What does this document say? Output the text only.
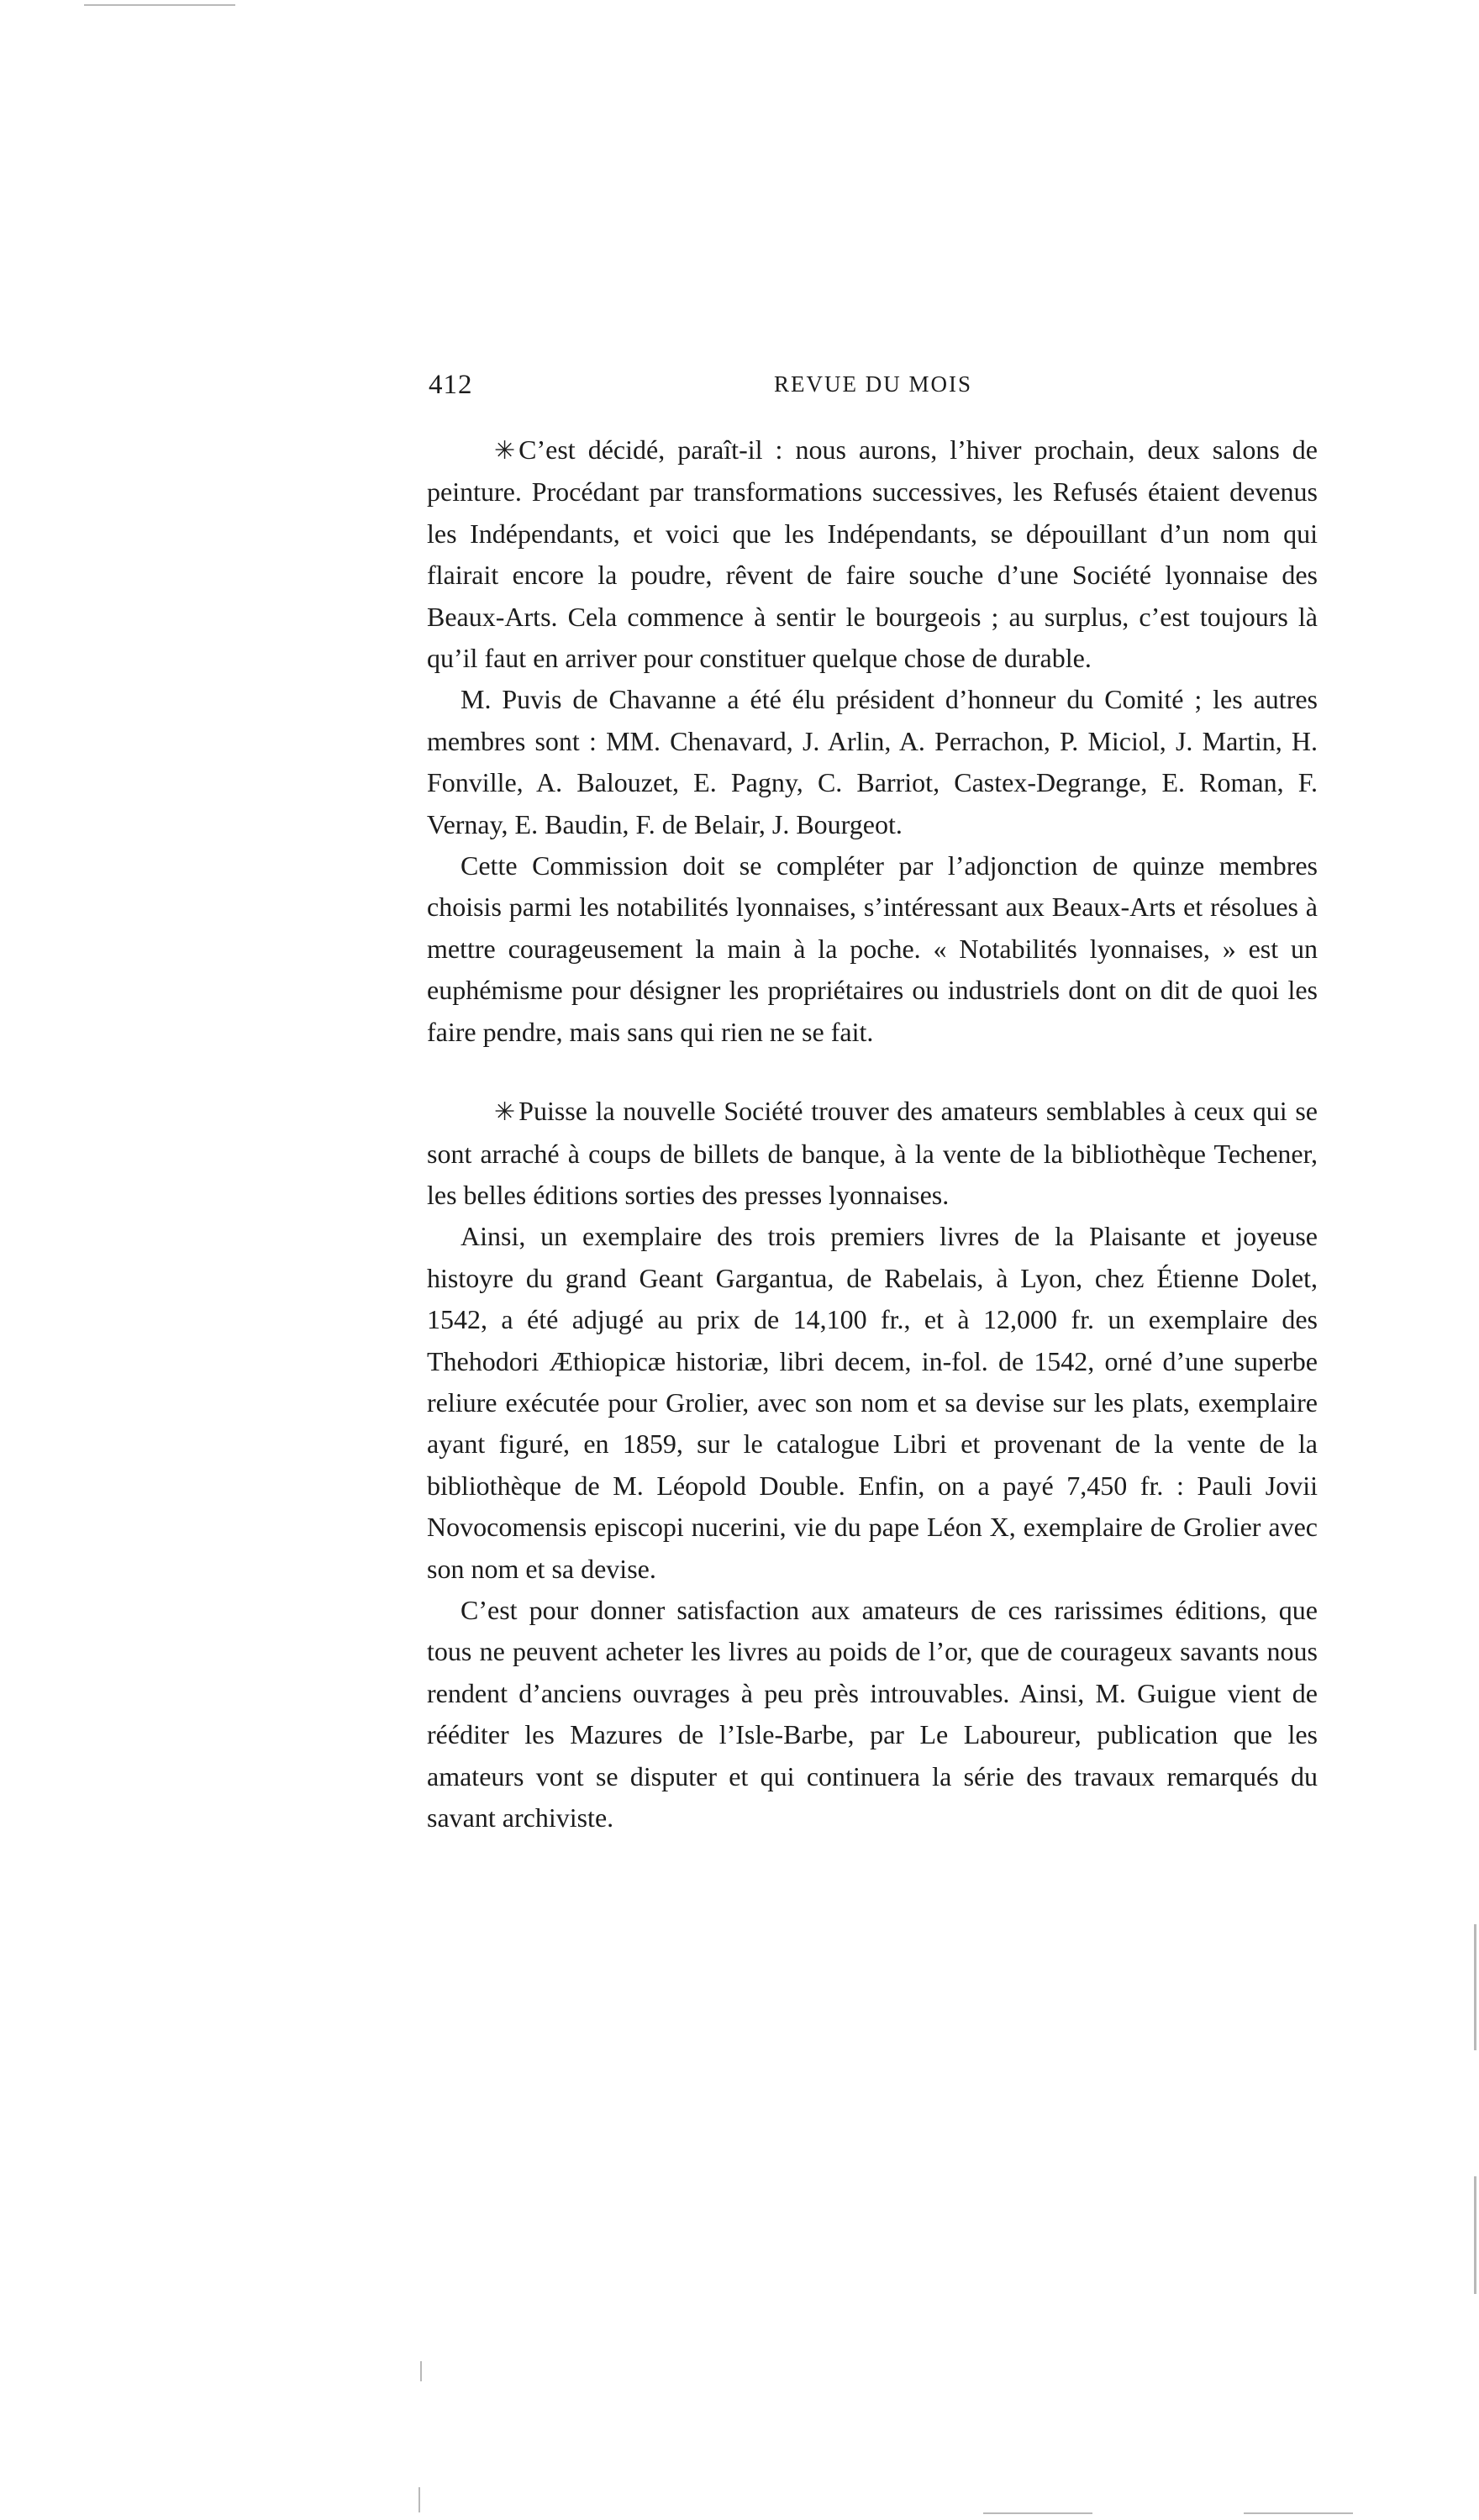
412	REVUE DU MOIS

✳ C’est décidé, paraît-il : nous aurons, l’hiver prochain, deux salons de peinture. Procédant par transformations successives, les Refusés étaient devenus les Indépendants, et voici que les Indépendants, se dépouillant d’un nom qui flairait encore la poudre, rêvent de faire souche d’une Société lyonnaise des Beaux-Arts. Cela commence à sentir le bourgeois ; au surplus, c’est toujours là qu’il faut en arriver pour constituer quelque chose de durable.

M. Puvis de Chavanne a été élu président d’honneur du Comité ; les autres membres sont : MM. Chenavard, J. Arlin, A. Perrachon, P. Miciol, J. Martin, H. Fonville, A. Balouzet, E. Pagny, C. Barriot, Castex-Degrange, E. Roman, F. Vernay, E. Baudin, F. de Belair, J. Bourgeot.

Cette Commission doit se compléter par l’adjonction de quinze membres choisis parmi les notabilités lyonnaises, s’intéressant aux Beaux-Arts et résolues à mettre courageusement la main à la poche. « Notabilités lyonnaises, » est un euphémisme pour désigner les propriétaires ou industriels dont on dit de quoi les faire pendre, mais sans qui rien ne se fait.

✳ Puisse la nouvelle Société trouver des amateurs semblables à ceux qui se sont arraché à coups de billets de banque, à la vente de la bibliothèque Techener, les belles éditions sorties des presses lyonnaises.

Ainsi, un exemplaire des trois premiers livres de la Plaisante et joyeuse histoyre du grand Geant Gargantua, de Rabelais, à Lyon, chez Étienne Dolet, 1542, a été adjugé au prix de 14,100 fr., et à 12,000 fr. un exemplaire des Thehodori Æthiopicæ historiæ, libri decem, in-fol. de 1542, orné d’une superbe reliure exécutée pour Grolier, avec son nom et sa devise sur les plats, exemplaire ayant figuré, en 1859, sur le catalogue Libri et provenant de la vente de la bibliothèque de M. Léopold Double. Enfin, on a payé 7,450 fr. : Pauli Jovii Novocomensis episcopi nucerini, vie du pape Léon X, exemplaire de Grolier avec son nom et sa devise.

C’est pour donner satisfaction aux amateurs de ces rarissimes éditions, que tous ne peuvent acheter les livres au poids de l’or, que de courageux savants nous rendent d’anciens ouvrages à peu près introuvables. Ainsi, M. Guigue vient de rééditer les Mazures de l’Isle-Barbe, par Le Laboureur, publication que les amateurs vont se disputer et qui continuera la série des travaux remarqués du savant archiviste.
